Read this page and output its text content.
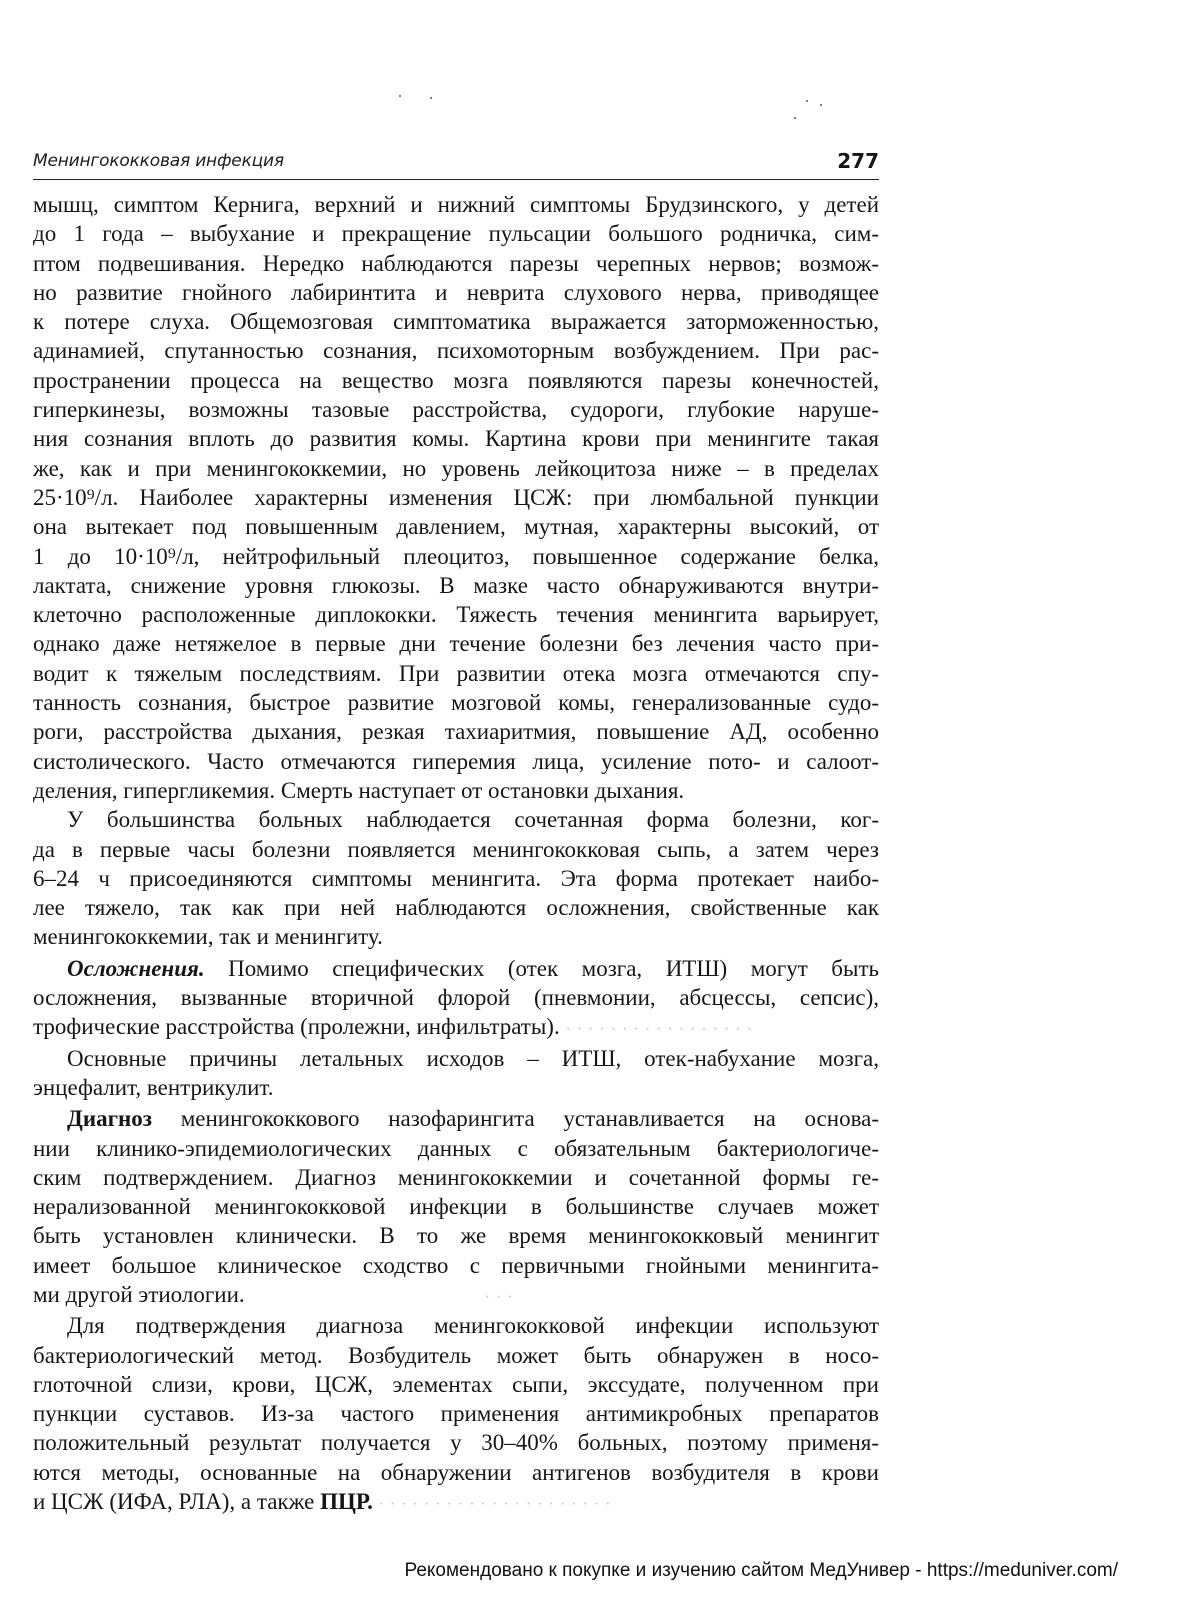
Менингококковая инфекция	277
мышц, симптом Кернига, верхний и нижний симптомы Брудзинского, у детей
до 1 года – выбухание и прекращение пульсации большого родничка, сим-
птом подвешивания. Нередко наблюдаются парезы черепных нервов; возмож-
но развитие гнойного лабиринтита и неврита слухового нерва, приводящее
к потере слуха. Общемозговая симптоматика выражается заторможенностью,
адинамией, спутанностью сознания, психомоторным возбуждением. При рас-
пространении процесса на вещество мозга появляются парезы конечностей,
гиперкинезы, возможны тазовые расстройства, судороги, глубокие наруше-
ния сознания вплоть до развития комы. Картина крови при менингите такая
же, как и при менингококкемии, но уровень лейкоцитоза ниже – в пределах
25·10⁹/л. Наиболее характерны изменения ЦСЖ: при люмбальной пункции
она вытекает под повышенным давлением, мутная, характерны высокий, от
1 до 10·10⁹/л, нейтрофильный плеоцитоз, повышенное содержание белка,
лактата, снижение уровня глюкозы. В мазке часто обнаруживаются внутри-
клеточно расположенные диплококки. Тяжесть течения менингита варьирует,
однако даже нетяжелое в первые дни течение болезни без лечения часто при-
водит к тяжелым последствиям. При развитии отека мозга отмечаются спу-
танность сознания, быстрое развитие мозговой комы, генерализованные судо-
роги, расстройства дыхания, резкая тахиаритмия, повышение АД, особенно
систолического. Часто отмечаются гиперемия лица, усиление пото- и салоот-
деления, гипергликемия. Смерть наступает от остановки дыхания.
У большинства больных наблюдается сочетанная форма болезни, ког-
да в первые часы болезни появляется менингококковая сыпь, а затем через
6–24 ч присоединяются симптомы менингита. Эта форма протекает наибо-
лее тяжело, так как при ней наблюдаются осложнения, свойственные как
менингококкемии, так и менингиту.
Осложнения. Помимо специфических (отек мозга, ИТШ) могут быть
осложнения, вызванные вторичной флорой (пневмонии, абсцессы, сепсис),
трофические расстройства (пролежни, инфильтраты). · · · · · · · · · · · · · · · · ·
Основные причины летальных исходов – ИТШ, отек-набухание мозга,
энцефалит, вентрикулит.
Диагноз менингококкового назофарингита устанавливается на основа-
нии клинико-эпидемиологических данных с обязательным бактериологиче-
ским подтверждением. Диагноз менингококкемии и сочетанной формы ге-
нерализованной менингококковой инфекции в большинстве случаев может
быть установлен клинически. В то же время менингококковый менингит
имеет большое клиническое сходство с первичными гнойными менингита-
ми другой этиологии.	· · ·
Для подтверждения диагноза менингококковой инфекции используют
бактериологический метод. Возбудитель может быть обнаружен в носо-
глоточной слизи, крови, ЦСЖ, элементах сыпи, экссудате, полученном при
пункции суставов. Из-за частого применения антимикробных препаратов
положительный результат получается у 30–40% больных, поэтому применя-
ются методы, основанные на обнаружении антигенов возбудителя в крови
и ЦСЖ (ИФА, РЛА), а также ПЦР. · · · · · · · · · · · · · · · · · · · · ·
Рекомендовано к покупке и изучению сайтом МедУнивер - https://meduniver.com/
